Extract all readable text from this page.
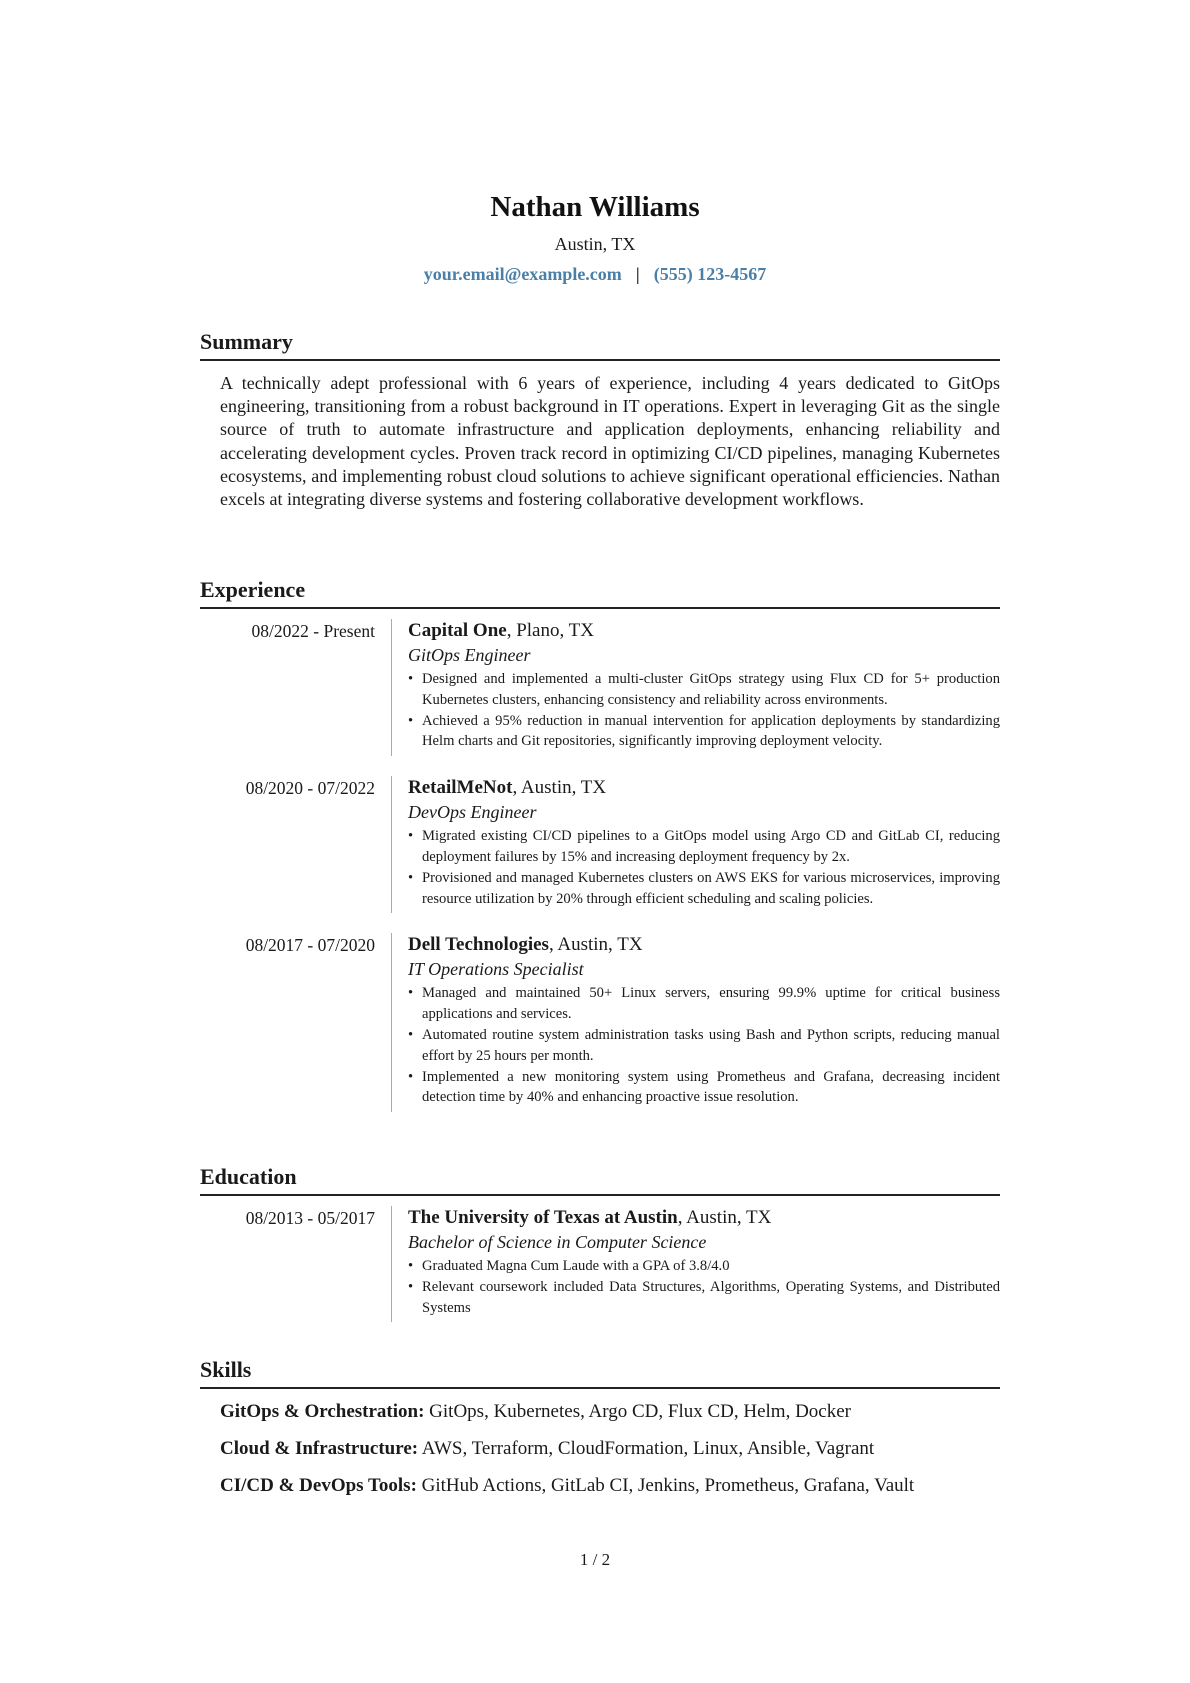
Nathan Williams
Austin, TX
your.email@example.com | (555) 123-4567
Summary

A technically adept professional with 6 years of experience, including 4 years dedicated to GitOps engineering, transitioning from a robust background in IT operations. Expert in leveraging Git as the single source of truth to automate infrastructure and application deployments, enhancing reliability and accelerating development cycles. Proven track record in optimizing CI/CD pipelines, managing Kubernetes ecosystems, and implementing robust cloud solutions to achieve significant operational efficiencies. Nathan excels at integrating diverse systems and fostering collaborative development workflows.

Experience
08/2022 - Present Capital One, Plano, TX
GitOps Engineer
• Designed and implemented a multi-cluster GitOps strategy using Flux CD for 5+ production Kubernetes clusters, enhancing consistency and reliability across environments.
• Achieved a 95% reduction in manual intervention for application deployments by standardizing Helm charts and Git repositories, significantly improving deployment velocity.
08/2020 - 07/2022 RetailMeNot, Austin, TX
DevOps Engineer
• Migrated existing CI/CD pipelines to a GitOps model using Argo CD and GitLab CI, reducing deployment failures by 15% and increasing deployment frequency by 2x.
• Provisioned and managed Kubernetes clusters on AWS EKS for various microservices, improving resource utilization by 20% through efficient scheduling and scaling policies.
08/2017 - 07/2020 Dell Technologies, Austin, TX
IT Operations Specialist
• Managed and maintained 50+ Linux servers, ensuring 99.9% uptime for critical business applications and services.
• Automated routine system administration tasks using Bash and Python scripts, reducing manual effort by 25 hours per month.
• Implemented a new monitoring system using Prometheus and Grafana, decreasing incident detection time by 40% and enhancing proactive issue resolution.
Education
08/2013 - 05/2017 The University of Texas at Austin, Austin, TX
Bachelor of Science in Computer Science
• Graduated Magna Cum Laude with a GPA of 3.8/4.0
• Relevant coursework included Data Structures, Algorithms, Operating Systems, and Distributed Systems
Skills
GitOps & Orchestration: GitOps, Kubernetes, Argo CD, Flux CD, Helm, Docker
Cloud & Infrastructure: AWS, Terraform, CloudFormation, Linux, Ansible, Vagrant
CI/CD & DevOps Tools: GitHub Actions, GitLab CI, Jenkins, Prometheus, Grafana, Vault
1 / 2
